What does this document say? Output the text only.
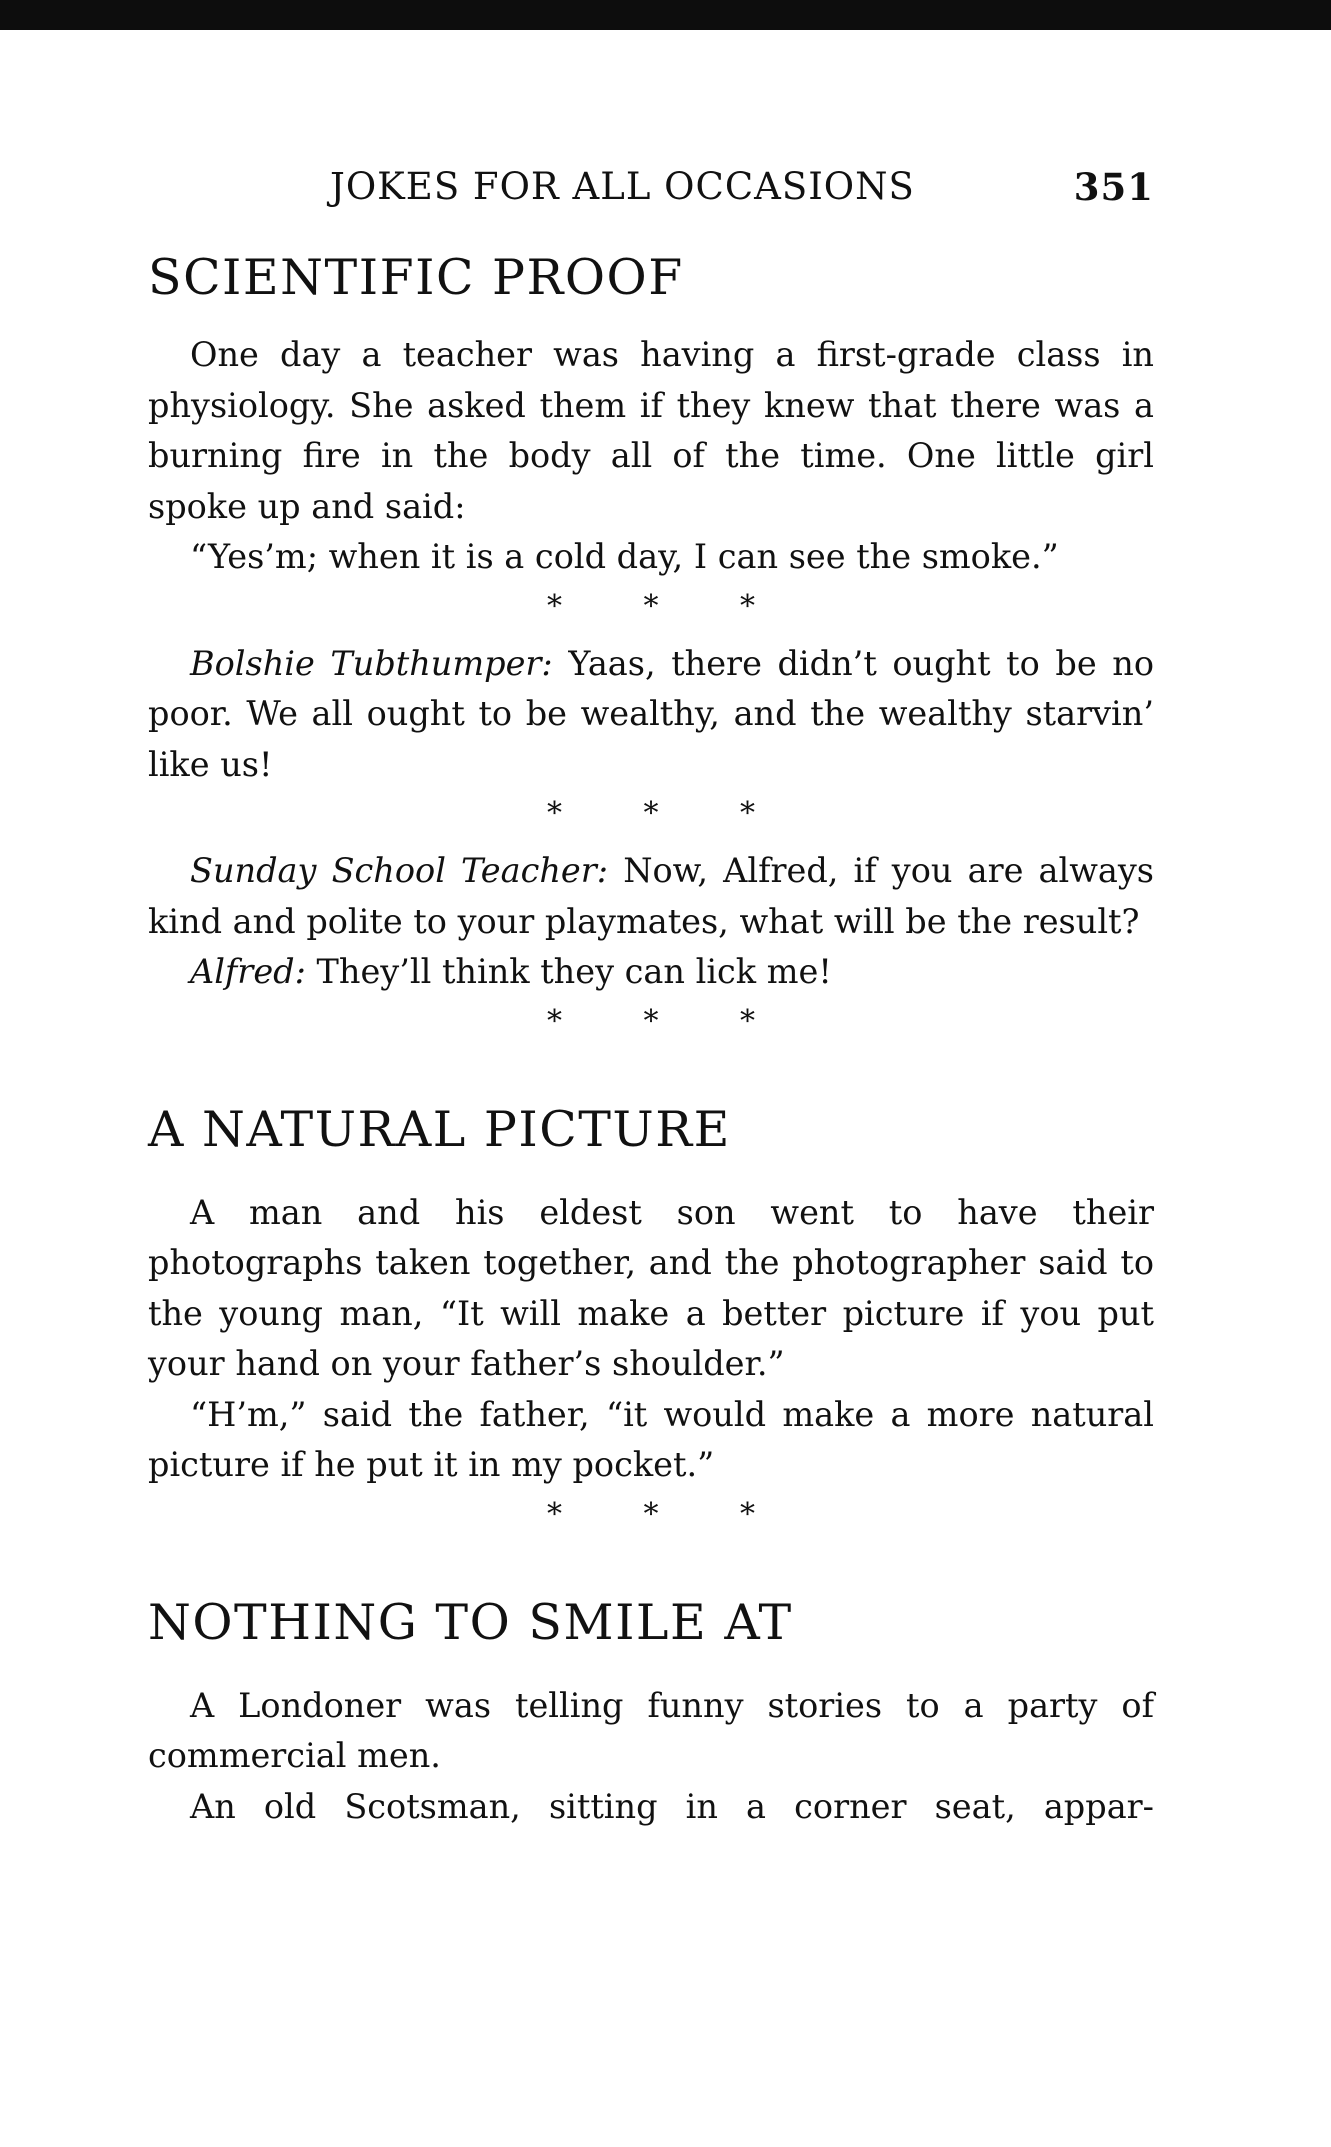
JOKES FOR ALL OCCASIONS	351
SCIENTIFIC PROOF

One day a teacher was having a first-grade class in physiology. She asked them if they knew that there was a burning fire in the body all of the time. One little girl spoke up and said:

“Yes’m; when it is a cold day, I can see the smoke.”

* * *

Bolshie Tubthumper: Yaas, there didn’t ought to be no poor. We all ought to be wealthy, and the wealthy starvin’ like us!

* * *

Sunday School Teacher: Now, Alfred, if you are always kind and polite to your playmates, what will be the result?

Alfred: They’ll think they can lick me!

* * *
A NATURAL PICTURE

A man and his eldest son went to have their photographs taken together, and the photographer said to the young man, “It will make a better picture if you put your hand on your father’s shoulder.”

“H’m,” said the father, “it would make a more natural picture if he put it in my pocket.”

* * *
NOTHING TO SMILE AT

A Londoner was telling funny stories to a party of commercial men.

An old Scotsman, sitting in a corner seat, appar-
